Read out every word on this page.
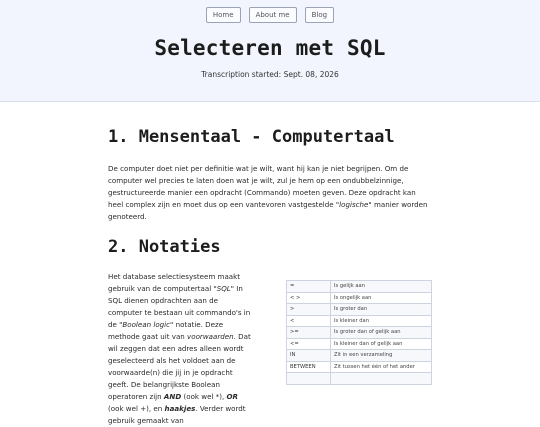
Home	About me	Blog
Selecteren met SQL
Transcription started: Sept. 08, 2026
1. Mensentaal - Computertaal

De computer doet niet per definitie wat je wilt, want hij kan je niet begrijpen. Om de computer wel precies te laten doen wat je wilt, zul je hem op een ondubbelzinnige, gestructureerde manier een opdracht (Commando) moeten geven. Deze opdracht kan heel complex zijn en moet dus op een vantevoren vastgestelde "logische" manier worden genoteerd.

2. Notaties

Het database selectiesysteem maakt gebruik van de computertaal "SQL" In SQL dienen opdrachten aan de computer te bestaan uit commando's in de "Boolean logic" notatie. Deze methode gaat uit van voorwaarden. Dat wil zeggen dat een adres alleen wordt geselecteerd als het voldoet aan de voorwaarde(n) die jij in je opdracht geeft. De belangrijkste Boolean operatoren zijn AND (ook wel *), OR (ook wel +), en haakjes. Verder wordt gebruik gemaakt van

=	Is gelijk aan
< >	Is ongelijk aan
>	Is groter dan
<	Is kleiner dan
>=	Is groter dan of gelijk aan
<=	Is kleiner dan of gelijk aan
IN	Zit in een verzameling
BETWEEN	Zit tussen het één of het ander
